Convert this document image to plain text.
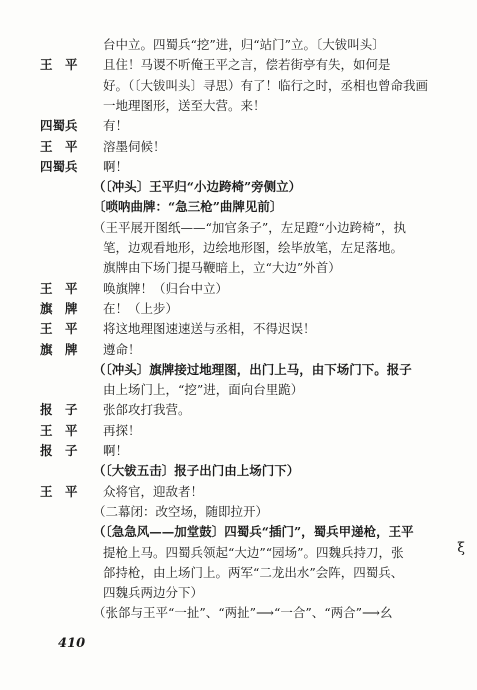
台中立。四蜀兵“挖”进，归“站门”立。〔大钹叫头〕
王　平	且住！马谡不听俺王平之言，偿若街亭有失，如何是
好。（〔大钹叫头〕寻思）有了！临行之时，丞相也曾命我画
一地理图形，送至大营。来！
四蜀兵	有！
王　平	溶墨伺候！
四蜀兵	啊！
（〔冲头〕王平归“小边跨椅”旁侧立）
〔唢呐曲牌：“急三枪”曲牌见前〕
（王平展开图纸——“加官条子”，左足蹬“小边跨椅”，执
笔，边观看地形，边绘地形图，绘毕放笔，左足落地。
旗牌由下场门提马鞭暗上，立“大边”外首）
王　平	唤旗牌！（归台中立）
旗　牌	在！（上步）
王　平	将这地理图速速送与丞相，不得迟误！
旗　牌	遵命！
（〔冲头〕旗牌接过地理图，出门上马，由下场门下。报子
由上场门上，“挖”进，面向台里跪）
报　子	张郃攻打我营。
王　平	再探！
报　子	啊！
（〔大钹五击〕报子出门由上场门下）
王　平	众将官，迎敌者！
（二幕闭：改空场，随即拉开）
（〔急急风——加堂鼓〕四蜀兵“插门”，蜀兵甲递枪，王平
提枪上马。四蜀兵领起“大边”“园场”。四魏兵持刀，张
郃持枪，由上场门上。两军“二龙出水”会阵，四蜀兵、
四魏兵两边分下）
（张郃与王平“一扯”、“两扯”⟶“一合”、“两合”⟶幺
ξ
410
